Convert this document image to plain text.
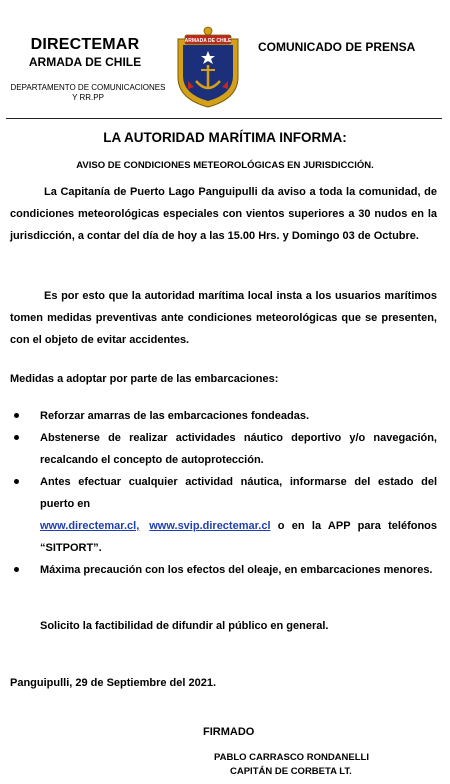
DIRECTEMAR
ARMADA DE CHILE
DEPARTAMENTO DE COMUNICACIONES
Y RR.PP
ARMADA DE CHILE COMUNICADO DE PRENSA
LA AUTORIDAD MARÍTIMA INFORMA:
AVISO DE CONDICIONES METEOROLÓGICAS EN JURISDICCIÓN.
La Capitanía de Puerto Lago Panguipulli da aviso a toda la comunidad, de condiciones meteorológicas especiales con vientos superiores a 30 nudos en la jurisdicción, a contar del día de hoy a las 15.00 Hrs. y Domingo 03 de Octubre.
Es por esto que la autoridad marítima local insta a los usuarios marítimos tomen medidas preventivas ante condiciones meteorológicas que se presenten, con el objeto de evitar accidentes.
Medidas a adoptar por parte de las embarcaciones:
Reforzar amarras de las embarcaciones fondeadas.
Abstenerse de realizar actividades náutico deportivo y/o navegación, recalcando el concepto de autoprotección.
Antes efectuar cualquier actividad náutica, informarse del estado del puerto en
www.directemar.cl, www.svip.directemar.cl o en la APP para teléfonos “SITPORT”.
Máxima precaución con los efectos del oleaje, en embarcaciones menores.
Solicito la factibilidad de difundir al público en general.
Panguipulli, 29 de Septiembre del 2021.
FIRMADO
PABLO CARRASCO RONDANELLI
CAPITÁN DE CORBETA LT.
